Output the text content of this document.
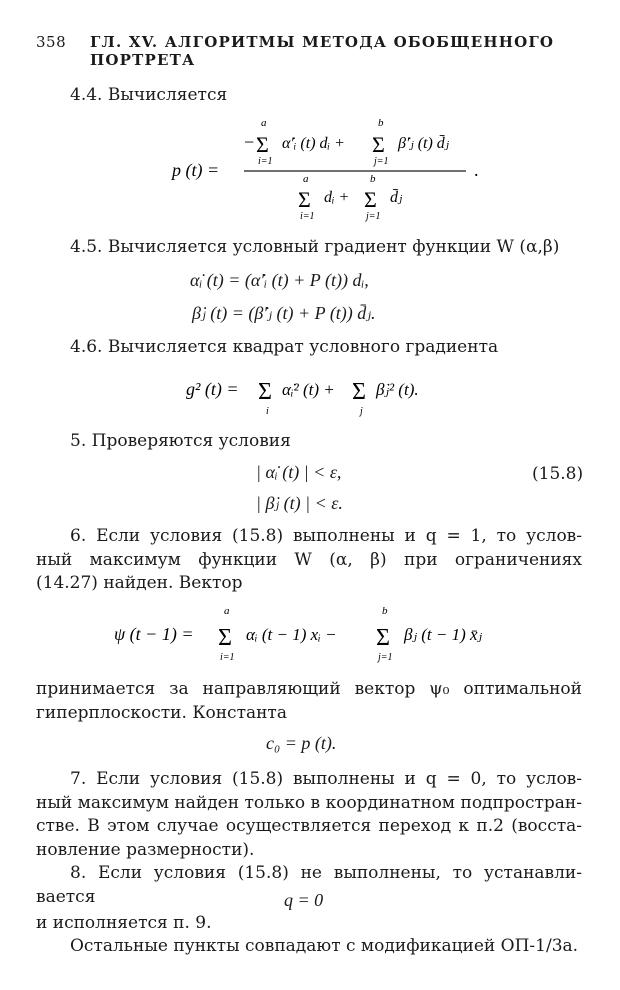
358 ГЛ. XV. АЛГОРИТМЫ МЕТОДА ОБОБЩЕННОГО ПОРТРЕТА
4.4. Вычисляется
p (t) =
−
a
Σ
i=1
α̇′ᵢ (t) dᵢ +
b
Σ
j=1
β̇′ⱼ (t) d̄ⱼ
a
Σ
i=1
dᵢ +
b
Σ
j=1
d̄ⱼ
.
4.5. Вычисляется условный градиент функции W (α,β)
α̇ᵢ (t) = (α̇′ᵢ (t) + P (t)) dᵢ,
β̇ⱼ (t) = (β̇′ⱼ (t) + P (t)) d̄ⱼ.
4.6. Вычисляется квадрат условного градиента
g² (t) = Σ
i
α̇ᵢ² (t) + Σ
j
β̇ⱼ² (t).
5. Проверяются условия
| α̇ᵢ (t) | < ε,
| β̇ⱼ (t) | < ε.
(15.8)
6. Если условия (15.8) выполнены и q = 1, то услов-
ный максимум функции W (α, β) при ограничениях
(14.27) найден. Вектор
ψ (t − 1) =
a
Σ
i=1
αᵢ (t − 1) xᵢ −
b
Σ
j=1
βⱼ (t − 1) x̄ⱼ
принимается за направляющий вектор ψ₀ оптимальной
гиперплоскости. Константа
c₀ = p (t).
7. Если условия (15.8) выполнены и q = 0, то услов-
ный максимум найден только в координатном подпростран-
стве. В этом случае осуществляется переход к п.2 (восста-
новление размерности).
8. Если условия (15.8) не выполнены, то устанавли-
вается	q = 0
и исполняется п. 9.
Остальные пункты совпадают с модификацией ОП-1/3а.
